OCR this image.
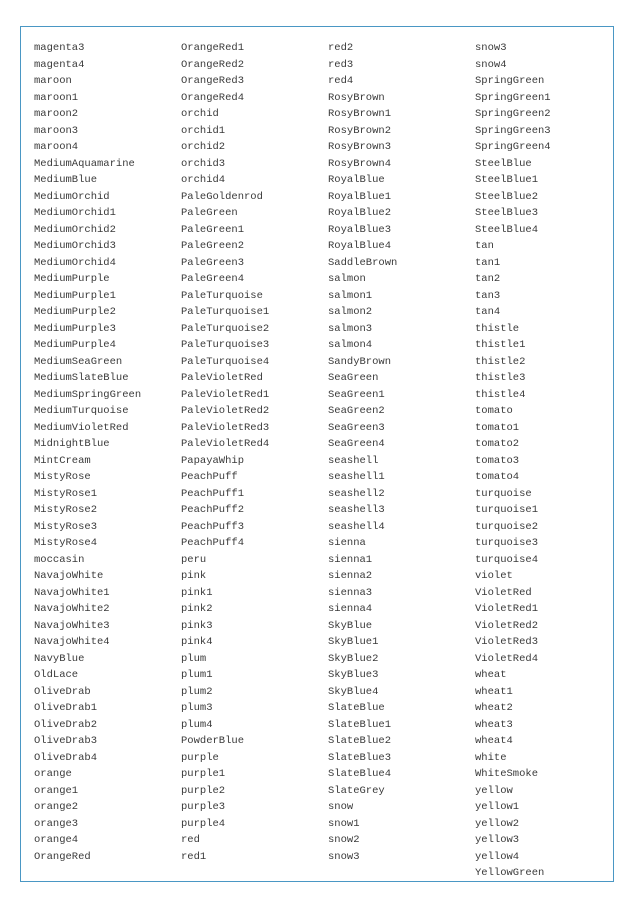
magenta3
magenta4
maroon
maroon1
maroon2
maroon3
maroon4
MediumAquamarine
MediumBlue
MediumOrchid
MediumOrchid1
MediumOrchid2
MediumOrchid3
MediumOrchid4
MediumPurple
MediumPurple1
MediumPurple2
MediumPurple3
MediumPurple4
MediumSeaGreen
MediumSlateBlue
MediumSpringGreen
MediumTurquoise
MediumVioletRed
MidnightBlue
MintCream
MistyRose
MistyRose1
MistyRose2
MistyRose3
MistyRose4
moccasin
NavajoWhite
NavajoWhite1
NavajoWhite2
NavajoWhite3
NavajoWhite4
NavyBlue
OldLace
OliveDrab
OliveDrab1
OliveDrab2
OliveDrab3
OliveDrab4
orange
orange1
orange2
orange3
orange4
OrangeRed
OrangeRed1
OrangeRed2
OrangeRed3
OrangeRed4
orchid
orchid1
orchid2
orchid3
orchid4
PaleGoldenrod
PaleGreen
PaleGreen1
PaleGreen2
PaleGreen3
PaleGreen4
PaleTurquoise
PaleTurquoise1
PaleTurquoise2
PaleTurquoise3
PaleTurquoise4
PaleVioletRed
PaleVioletRed1
PaleVioletRed2
PaleVioletRed3
PaleVioletRed4
PapayaWhip
PeachPuff
PeachPuff1
PeachPuff2
PeachPuff3
PeachPuff4
peru
pink
pink1
pink2
pink3
pink4
plum
plum1
plum2
plum3
plum4
PowderBlue
purple
purple1
purple2
purple3
purple4
red
red1
red2
red3
red4
RosyBrown
RosyBrown1
RosyBrown2
RosyBrown3
RosyBrown4
RoyalBlue
RoyalBlue1
RoyalBlue2
RoyalBlue3
RoyalBlue4
SaddleBrown
salmon
salmon1
salmon2
salmon3
salmon4
SandyBrown
SeaGreen
SeaGreen1
SeaGreen2
SeaGreen3
SeaGreen4
seashell
seashell1
seashell2
seashell3
seashell4
sienna
sienna1
sienna2
sienna3
sienna4
SkyBlue
SkyBlue1
SkyBlue2
SkyBlue3
SkyBlue4
SlateBlue
SlateBlue1
SlateBlue2
SlateBlue3
SlateBlue4
SlateGrey
snow
snow1
snow2
snow3
snow3
snow4
SpringGreen
SpringGreen1
SpringGreen2
SpringGreen3
SpringGreen4
SteelBlue
SteelBlue1
SteelBlue2
SteelBlue3
SteelBlue4
tan
tan1
tan2
tan3
tan4
thistle
thistle1
thistle2
thistle3
thistle4
tomato
tomato1
tomato2
tomato3
tomato4
turquoise
turquoise1
turquoise2
turquoise3
turquoise4
violet
VioletRed
VioletRed1
VioletRed2
VioletRed3
VioletRed4
wheat
wheat1
wheat2
wheat3
wheat4
white
WhiteSmoke
yellow
yellow1
yellow2
yellow3
yellow4
YellowGreen
